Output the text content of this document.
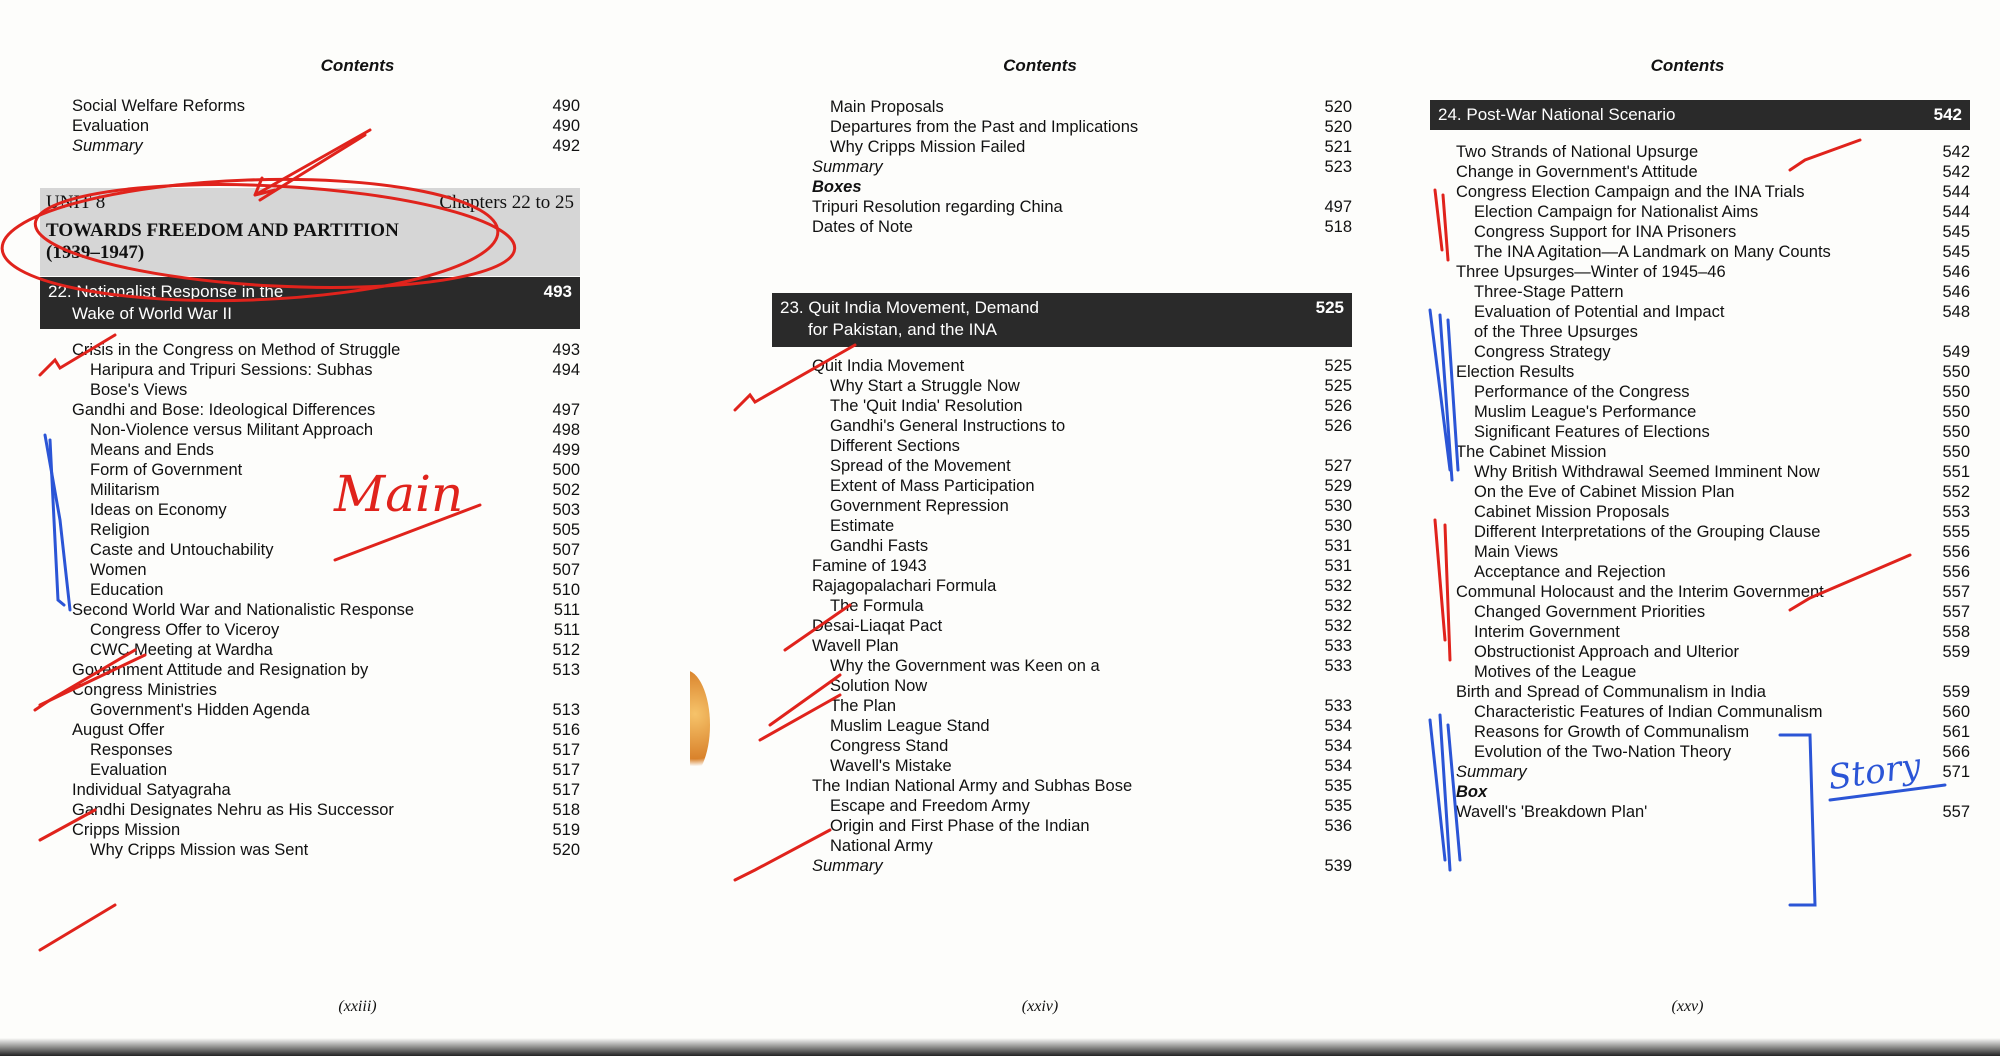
Contents
Social Welfare Reforms	490
Evaluation	490
Summary	492
UNIT 8	Chapters 22 to 25
TOWARDS FREEDOM AND PARTITION
(1939–1947)
22. Nationalist Response in the
Wake of World War II
493
Crisis in the Congress on Method of Struggle	493
Haripura and Tripuri Sessions: Subhas	494
Bose's Views
Gandhi and Bose: Ideological Differences	497
Non-Violence versus Militant Approach	498
Means and Ends	499
Form of Government	500
Militarism	502
Ideas on Economy	503
Religion	505
Caste and Untouchability	507
Women	507
Education	510
Second World War and Nationalistic Response	511
Congress Offer to Viceroy	511
CWC Meeting at Wardha	512
Government Attitude and Resignation by	513
Congress Ministries
Government's Hidden Agenda	513
August Offer	516
Responses	517
Evaluation	517
Individual Satyagraha	517
Gandhi Designates Nehru as His Successor	518
Cripps Mission	519
Why Cripps Mission was Sent	520
Main
(xxiii)
Contents
Main Proposals	520
Departures from the Past and Implications	520
Why Cripps Mission Failed	521
Summary	523
Boxes
Tripuri Resolution regarding China	497
Dates of Note	518
23. Quit India Movement, Demand
for Pakistan, and the INA
525
Quit India Movement	525
Why Start a Struggle Now	525
The 'Quit India' Resolution	526
Gandhi's General Instructions to	526
Different Sections
Spread of the Movement	527
Extent of Mass Participation	529
Government Repression	530
Estimate	530
Gandhi Fasts	531
Famine of 1943	531
Rajagopalachari Formula	532
The Formula	532
Desai-Liaqat Pact	532
Wavell Plan	533
Why the Government was Keen on a	533
Solution Now
The Plan	533
Muslim League Stand	534
Congress Stand	534
Wavell's Mistake	534
The Indian National Army and Subhas Bose	535
Escape and Freedom Army	535
Origin and First Phase of the Indian	536
National Army
Summary	539
(xxiv)
Contents
24. Post-War National Scenario	542
Two Strands of National Upsurge	542
Change in Government's Attitude	542
Congress Election Campaign and the INA Trials	544
Election Campaign for Nationalist Aims	544
Congress Support for INA Prisoners	545
The INA Agitation—A Landmark on Many Counts	545
Three Upsurges—Winter of 1945–46	546
Three-Stage Pattern	546
Evaluation of Potential and Impact	548
of the Three Upsurges
Congress Strategy	549
Election Results	550
Performance of the Congress	550
Muslim League's Performance	550
Significant Features of Elections	550
The Cabinet Mission	550
Why British Withdrawal Seemed Imminent Now	551
On the Eve of Cabinet Mission Plan	552
Cabinet Mission Proposals	553
Different Interpretations of the Grouping Clause	555
Main Views	556
Acceptance and Rejection	556
Communal Holocaust and the Interim Government	557
Changed Government Priorities	557
Interim Government	558
Obstructionist Approach and Ulterior	559
Motives of the League
Birth and Spread of Communalism in India	559
Characteristic Features of Indian Communalism	560
Reasons for Growth of Communalism	561
Evolution of the Two-Nation Theory	566
Summary	571
Box
Wavell's 'Breakdown Plan'	557
Story
(xxv)
